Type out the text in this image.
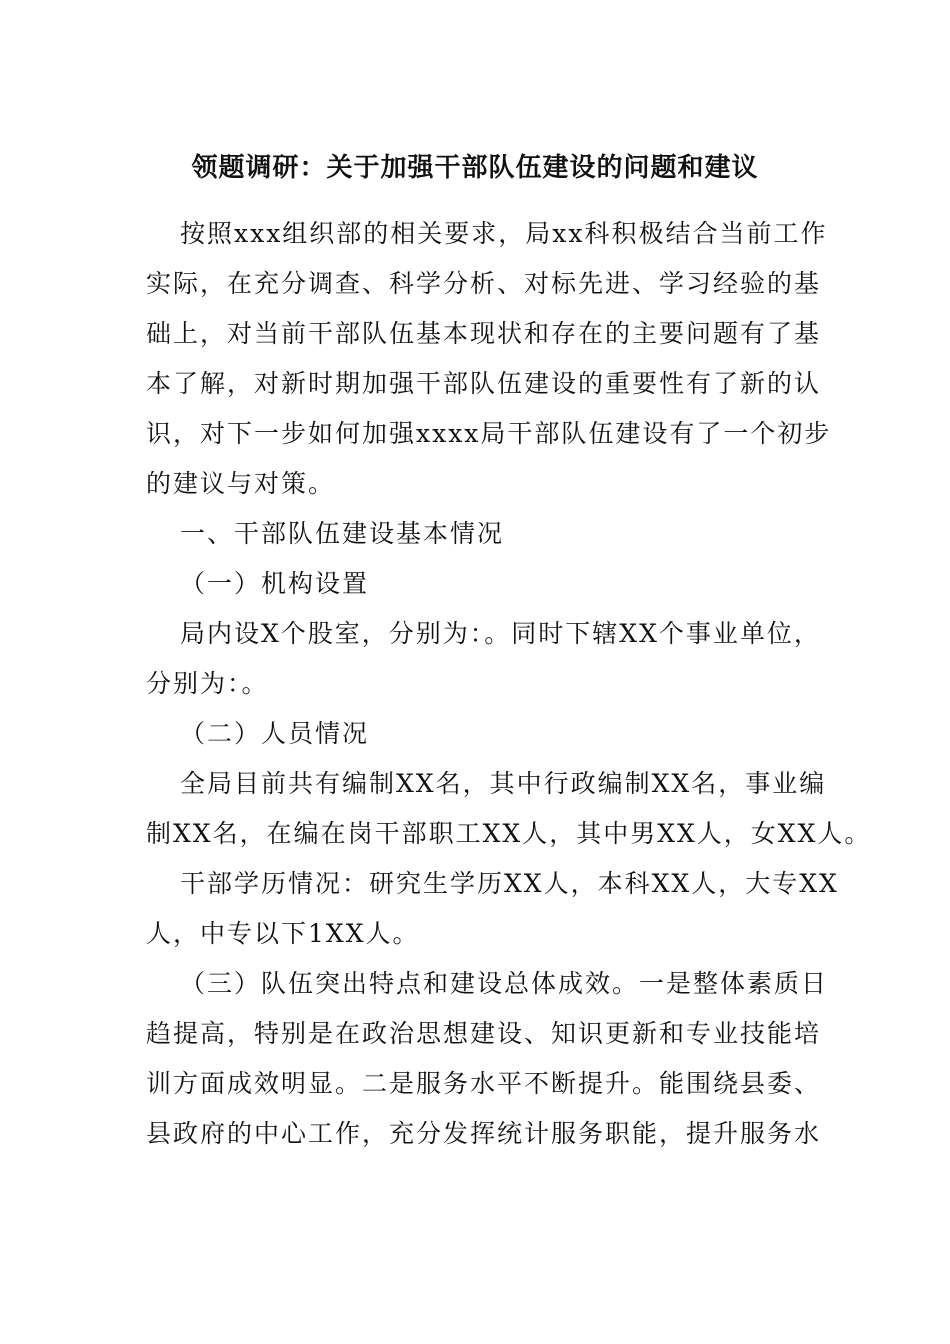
领题调研：关于加强干部队伍建设的问题和建议
按照xxx组织部的相关要求，局xx科积极结合当前工作
实际，在充分调查、科学分析、对标先进、学习经验的基
础上，对当前干部队伍基本现状和存在的主要问题有了基
本了解，对新时期加强干部队伍建设的重要性有了新的认
识，对下一步如何加强xxxx局干部队伍建设有了一个初步
的建议与对策。
一、干部队伍建设基本情况
（一）机构设置
局内设X个股室，分别为：。同时下辖XX个事业单位，
分别为：。
（二）人员情况
全局目前共有编制XX名，其中行政编制XX名，事业编
制XX名，在编在岗干部职工XX人，其中男XX人，女XX人。
干部学历情况：研究生学历XX人，本科XX人，大专XX
人，中专以下1XX人。
（三）队伍突出特点和建设总体成效。一是整体素质日
趋提高，特别是在政治思想建设、知识更新和专业技能培
训方面成效明显。二是服务水平不断提升。能围绕县委、
县政府的中心工作，充分发挥统计服务职能，提升服务水
